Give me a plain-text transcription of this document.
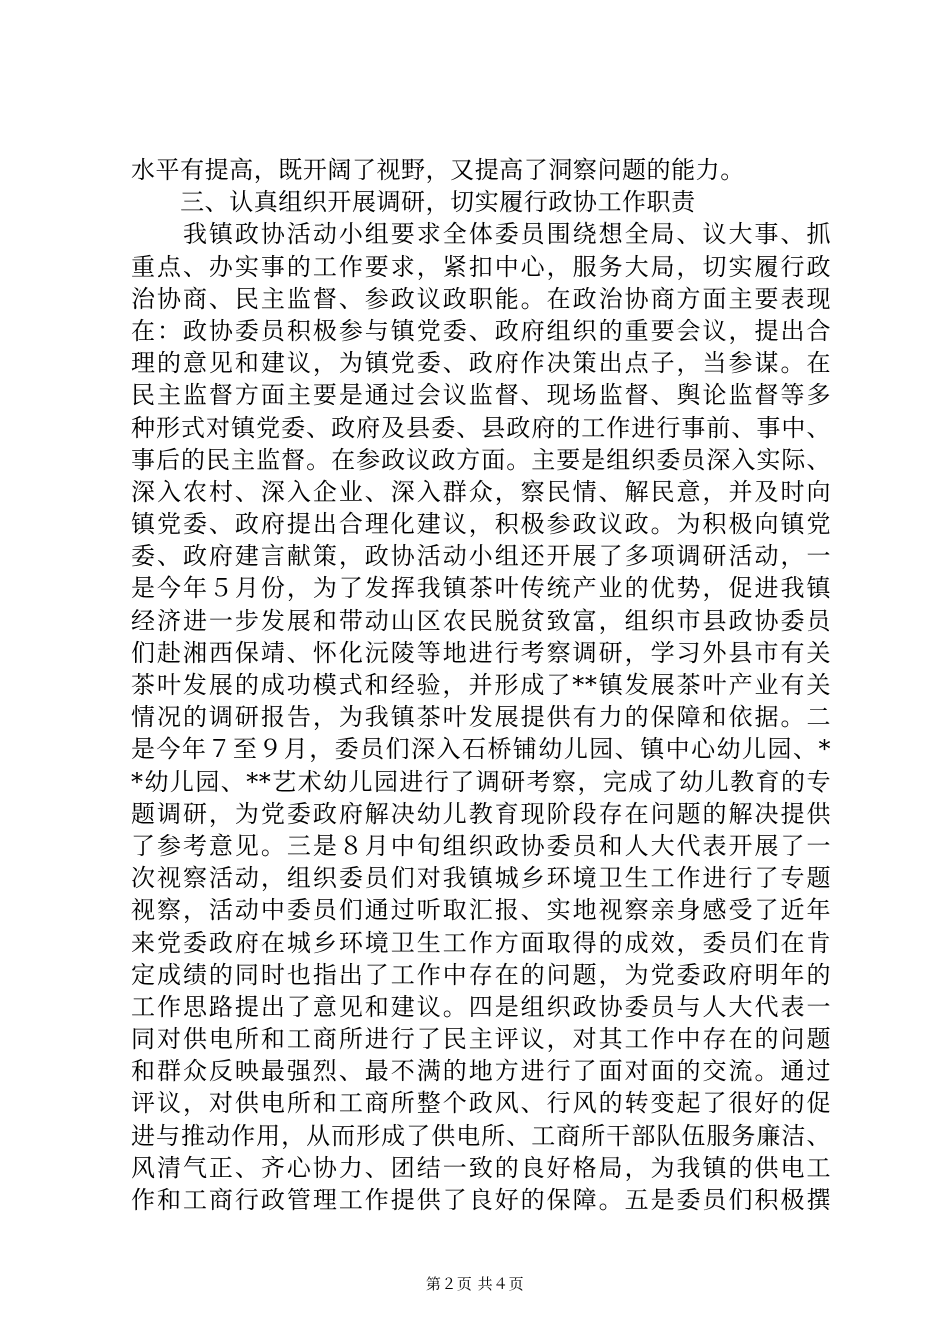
水平有提高，既开阔了视野，又提高了洞察问题的能力。
　　三、认真组织开展调研，切实履行政协工作职责
　　我镇政协活动小组要求全体委员围绕想全局、议大事、抓
重点、办实事的工作要求，紧扣中心，服务大局，切实履行政
治协商、民主监督、参政议政职能。在政治协商方面主要表现
在：政协委员积极参与镇党委、政府组织的重要会议，提出合
理的意见和建议，为镇党委、政府作决策出点子，当参谋。在
民主监督方面主要是通过会议监督、现场监督、舆论监督等多
种形式对镇党委、政府及县委、县政府的工作进行事前、事中、
事后的民主监督。在参政议政方面。主要是组织委员深入实际、
深入农村、深入企业、深入群众，察民情、解民意，并及时向
镇党委、政府提出合理化建议，积极参政议政。为积极向镇党
委、政府建言献策，政协活动小组还开展了多项调研活动，一
是今年５月份，为了发挥我镇茶叶传统产业的优势，促进我镇
经济进一步发展和带动山区农民脱贫致富，组织市县政协委员
们赴湘西保靖、怀化沅陵等地进行考察调研，学习外县市有关
茶叶发展的成功模式和经验，并形成了**镇发展茶叶产业有关
情况的调研报告，为我镇茶叶发展提供有力的保障和依据。二
是今年７至９月，委员们深入石桥铺幼儿园、镇中心幼儿园、*
*幼儿园、**艺术幼儿园进行了调研考察，完成了幼儿教育的专
题调研，为党委政府解决幼儿教育现阶段存在问题的解决提供
了参考意见。三是８月中旬组织政协委员和人大代表开展了一
次视察活动，组织委员们对我镇城乡环境卫生工作进行了专题
视察，活动中委员们通过听取汇报、实地视察亲身感受了近年
来党委政府在城乡环境卫生工作方面取得的成效，委员们在肯
定成绩的同时也指出了工作中存在的问题，为党委政府明年的
工作思路提出了意见和建议。四是组织政协委员与人大代表一
同对供电所和工商所进行了民主评议，对其工作中存在的问题
和群众反映最强烈、最不满的地方进行了面对面的交流。通过
评议，对供电所和工商所整个政风、行风的转变起了很好的促
进与推动作用，从而形成了供电所、工商所干部队伍服务廉洁、
风清气正、齐心协力、团结一致的良好格局，为我镇的供电工
作和工商行政管理工作提供了良好的保障。五是委员们积极撰
第２页 共４页
